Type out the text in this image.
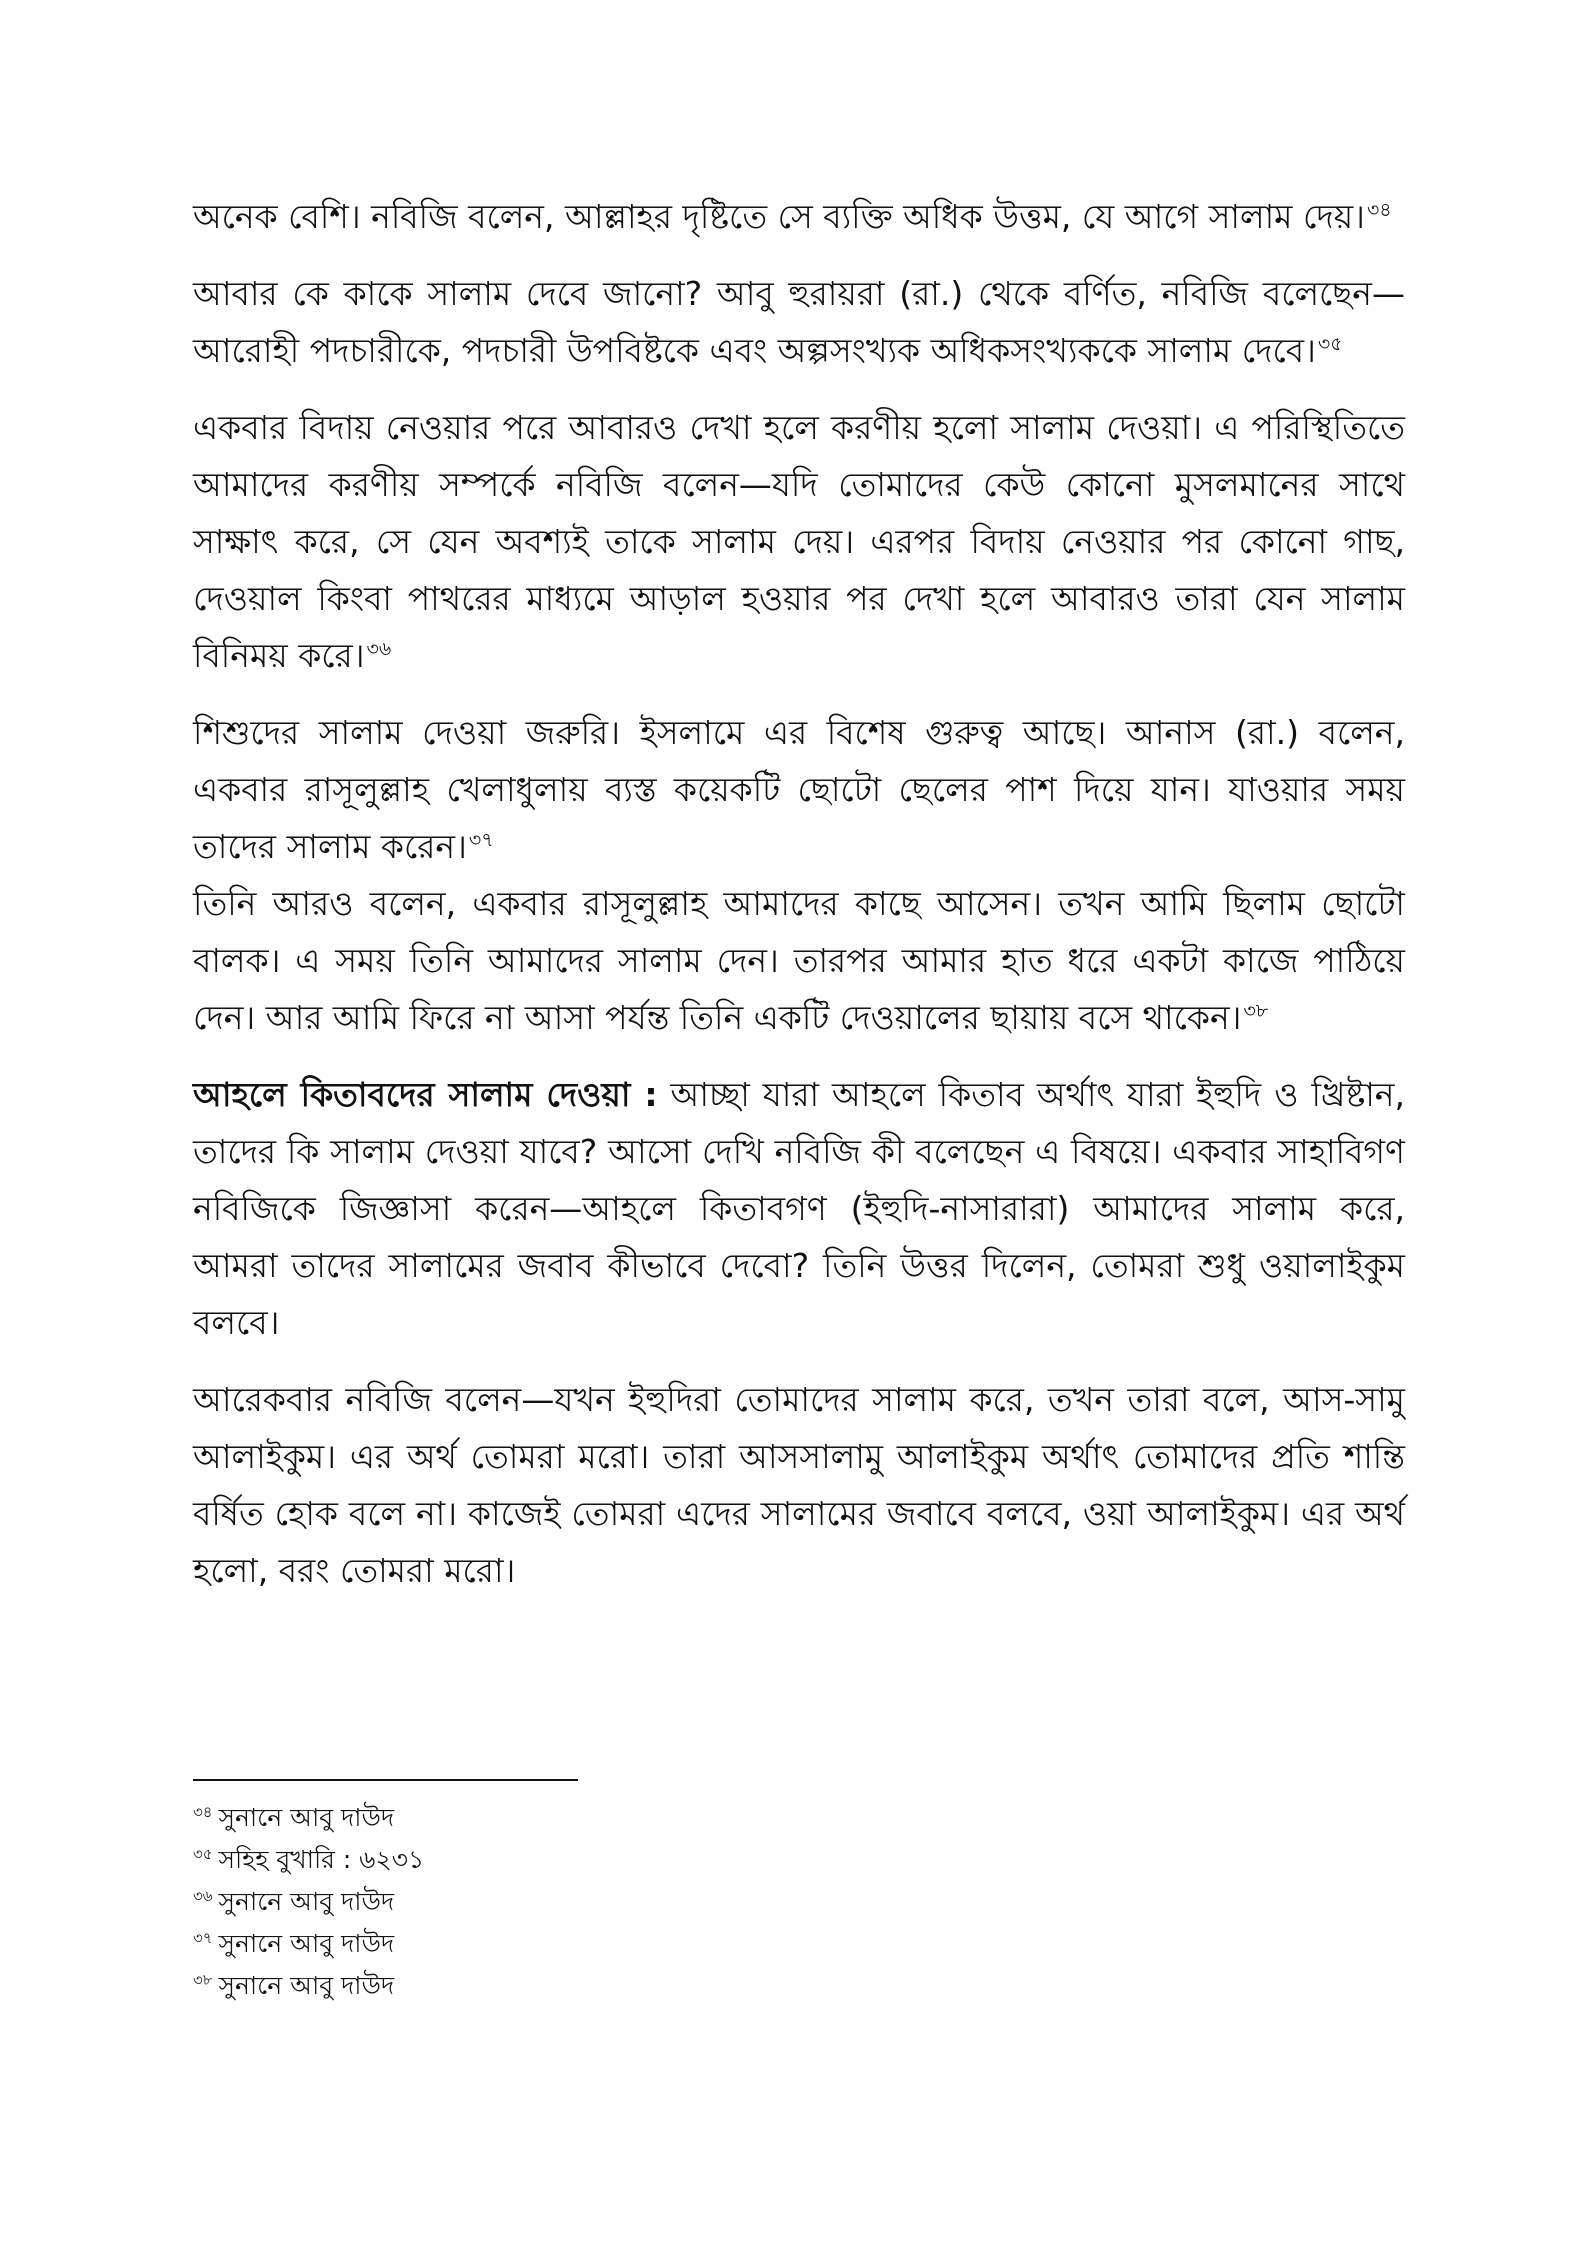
অনেক বেশি। নবিজি বলেন, আল্লাহর দৃষ্টিতে সে ব্যক্তি অধিক উত্তম, যে আগে সালাম দেয়। $^{৩৪}$

আবার কে কাকে সালাম দেবে জানো? আবু হুরায়রা (রা.) থেকে বর্ণিত, নবিজি বলেছেন—আরোহী পদচারীকে, পদচারী উপবিষ্টকে এবং অল্পসংখ্যক অধিকসংখ্যককে সালাম দেবে। $^{৩৫}$

একবার বিদায় নেওয়ার পরে আবারও দেখা হলে করণীয় হলো সালাম দেওয়া। এ পরিস্থিতিতে আমাদের করণীয় সম্পর্কে নবিজি বলেন—যদি তোমাদের কেউ কোনো মুসলমানের সাথে সাক্ষাৎ করে, সে যেন অবশ্যই তাকে সালাম দেয়। এরপর বিদায় নেওয়ার পর কোনো গাছ, দেওয়াল কিংবা পাথরের মাধ্যমে আড়াল হওয়ার পর দেখা হলে আবারও তারা যেন সালাম বিনিময় করে। $^{৩৬}$

শিশুদের সালাম দেওয়া জরুরি। ইসলামে এর বিশেষ গুরুত্ব আছে। আনাস (রা.) বলেন, একবার রাসূলুল্লাহ খেলাধুলায় ব্যস্ত কয়েকটি ছোটো ছেলের পাশ দিয়ে যান। যাওয়ার সময় তাদের সালাম করেন। $^{৩৭}$

তিনি আরও বলেন, একবার রাসূলুল্লাহ আমাদের কাছে আসেন। তখন আমি ছিলাম ছোটো বালক। এ সময় তিনি আমাদের সালাম দেন। তারপর আমার হাত ধরে একটা কাজে পাঠিয়ে দেন। আর আমি ফিরে না আসা পর্যন্ত তিনি একটি দেওয়ালের ছায়ায় বসে থাকেন। $^{৩৮}$

আহলে কিতাবদের সালাম দেওয়া : আচ্ছা যারা আহলে কিতাব অর্থাৎ যারা ইহুদি ও খ্রিষ্টান, তাদের কি সালাম দেওয়া যাবে? আসো দেখি নবিজি কী বলেছেন এ বিষয়ে। একবার সাহাবিগণ নবিজিকে জিজ্ঞাসা করেন—আহলে কিতাবগণ (ইহুদি-নাসারারা) আমাদের সালাম করে, আমরা তাদের সালামের জবাব কীভাবে দেবো? তিনি উত্তর দিলেন, তোমরা শুধু ওয়ালাইকুম বলবে।

আরেকবার নবিজি বলেন—যখন ইহুদিরা তোমাদের সালাম করে, তখন তারা বলে, আস-সামু আলাইকুম। এর অর্থ তোমরা মরো। তারা আসসালামু আলাইকুম অর্থাৎ তোমাদের প্রতি শান্তি বর্ষিত হোক বলে না। কাজেই তোমরা এদের সালামের জবাবে বলবে, ওয়া আলাইকুম। এর অর্থ হলো, বরং তোমরা মরো।

$^{৩৪}$ সুনানে আবু দাউদ
$^{৩৫}$ সহিহ বুখারি : ৬২৩১
$^{৩৬}$ সুনানে আবু দাউদ
$^{৩৭}$ সুনানে আবু দাউদ
$^{৩৮}$ সুনানে আবু দাউদ
